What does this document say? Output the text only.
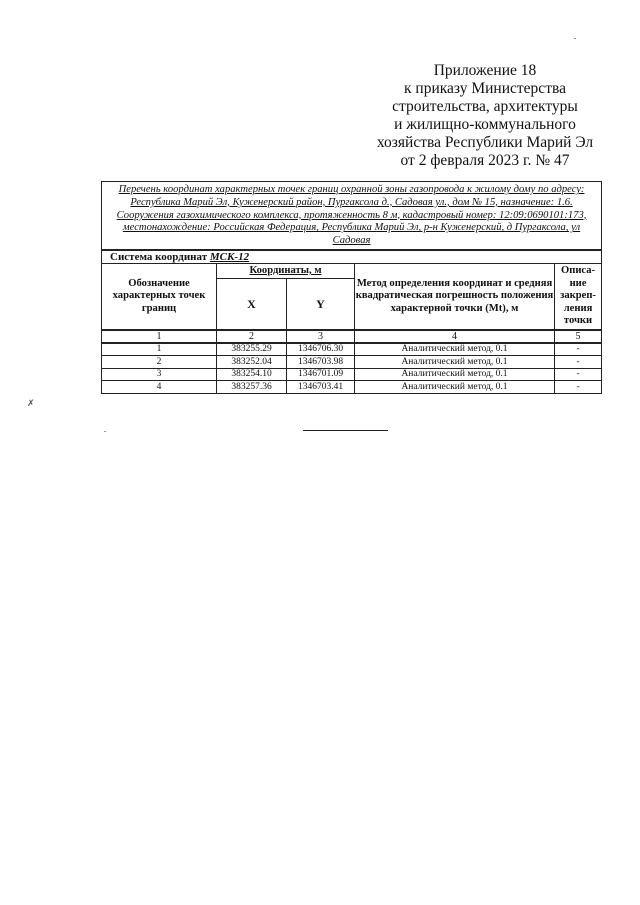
Приложение 18
к приказу Министерства
строительства, архитектуры
и жилищно-коммунального
хозяйства Республики Марий Эл
от 2 февраля 2023 г. № 47
Перечень координат характерных точек границ охранной зоны газопровода к жилому дому по адресу: Республика Марий Эл, Куженерский район, Пургаксола д., Садовая ул., дом № 15, назначение: 1.6. Сооружения газохимического комплекса, протяженность 8 м, кадастровый номер: 12:09:0690101:173, местонахождение: Российская Федерация, Республика Марий Эл, р-н Куженерский, д Пургаксола, ул Садовая				
Система координат МСК-12				
Обозначение характерных точек границ	Координаты, м		Метод определения координат и средняя квадратическая погрешность положения характерной точки (Mt), м	Описа-ние закреп-ления точки
	X	Y		
1	2	3	4	5
1	383255.29	1346706.30	Аналитический метод, 0.1	-
2	383252.04	1346703.98	Аналитический метод, 0.1	-
3	383254.10	1346701.09	Аналитический метод, 0.1	-
4	383257.36	1346703.41	Аналитический метод, 0.1	-
✗
